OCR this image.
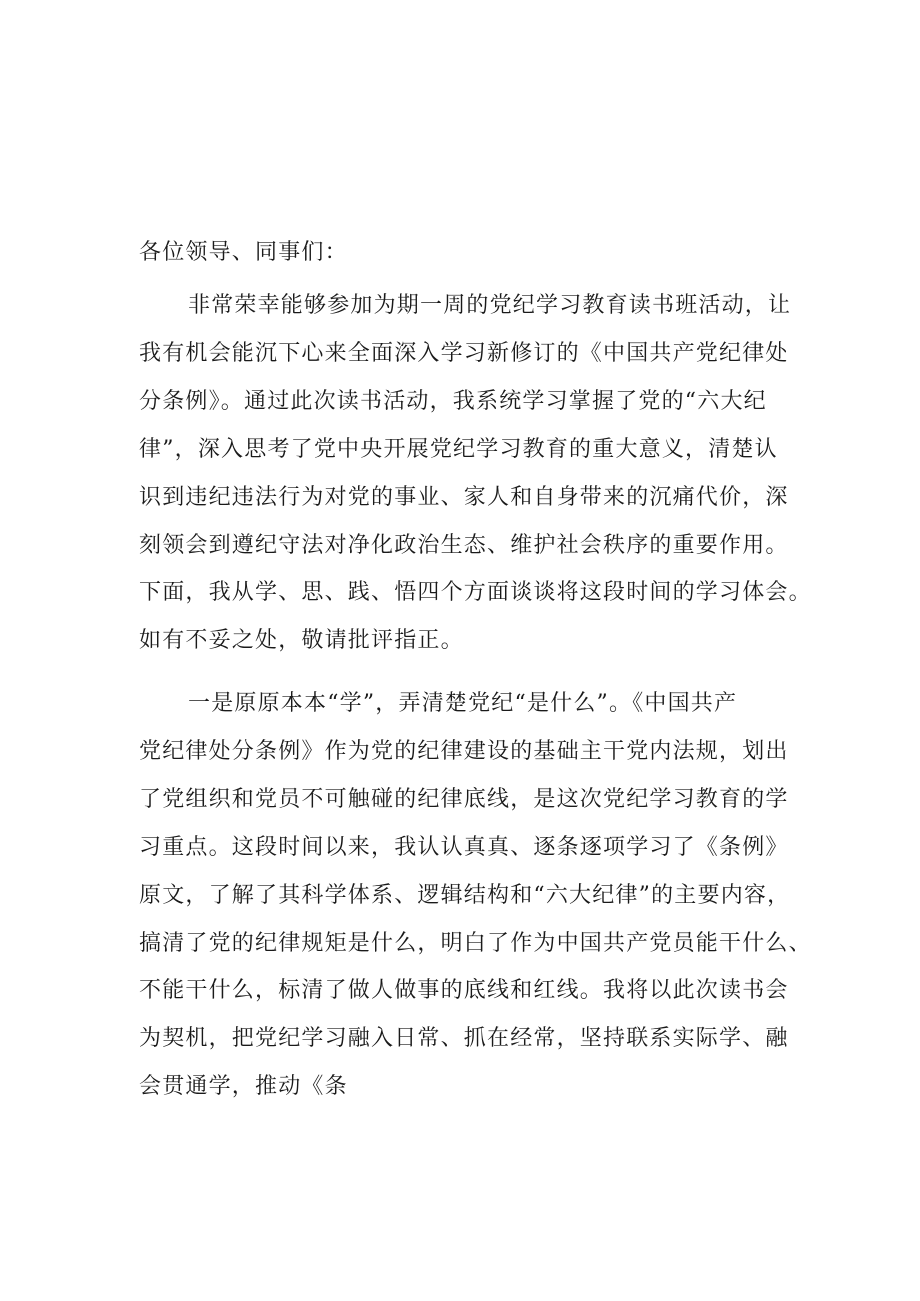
各位领导、同事们：
非常荣幸能够参加为期一周的党纪学习教育读书班活动，让
我有机会能沉下心来全面深入学习新修订的《中国共产党纪律处
分条例》。通过此次读书活动，我系统学习掌握了党的“六大纪
律”，深入思考了党中央开展党纪学习教育的重大意义，清楚认
识到违纪违法行为对党的事业、家人和自身带来的沉痛代价，深
刻领会到遵纪守法对净化政治生态、维护社会秩序的重要作用。
下面，我从学、思、践、悟四个方面谈谈将这段时间的学习体会。
如有不妥之处，敬请批评指正。
一是原原本本“学”，弄清楚党纪“是什么”。《中国共产
党纪律处分条例》作为党的纪律建设的基础主干党内法规，划出
了党组织和党员不可触碰的纪律底线，是这次党纪学习教育的学
习重点。这段时间以来，我认认真真、逐条逐项学习了《条例》
原文，了解了其科学体系、逻辑结构和“六大纪律”的主要内容，
搞清了党的纪律规矩是什么，明白了作为中国共产党员能干什么、
不能干什么，标清了做人做事的底线和红线。我将以此次读书会
为契机，把党纪学习融入日常、抓在经常，坚持联系实际学、融
会贯通学，推动《条
